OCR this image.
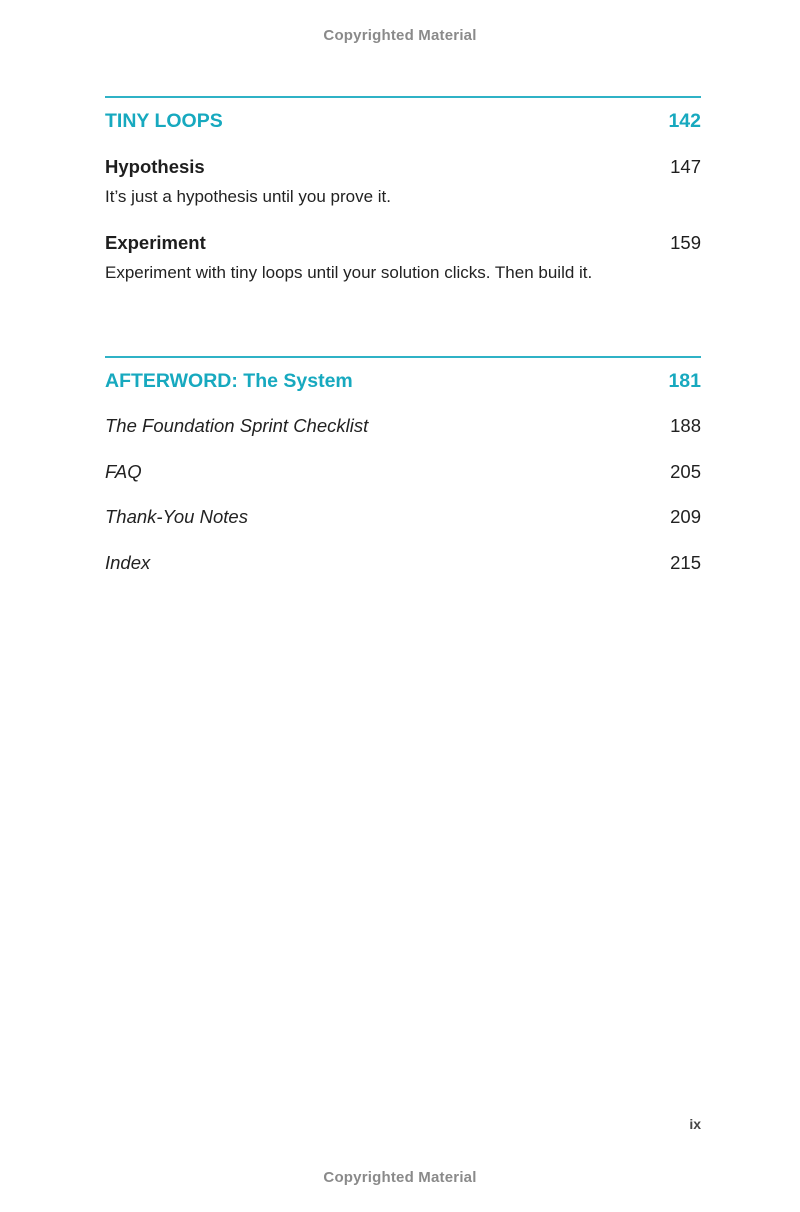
Copyrighted Material
TINY LOOPS	142
Hypothesis	147
It’s just a hypothesis until you prove it.
Experiment	159
Experiment with tiny loops until your solution clicks. Then build it.
AFTERWORD: The System	181
The Foundation Sprint Checklist	188
FAQ	205
Thank-You Notes	209
Index	215
ix
Copyrighted Material
